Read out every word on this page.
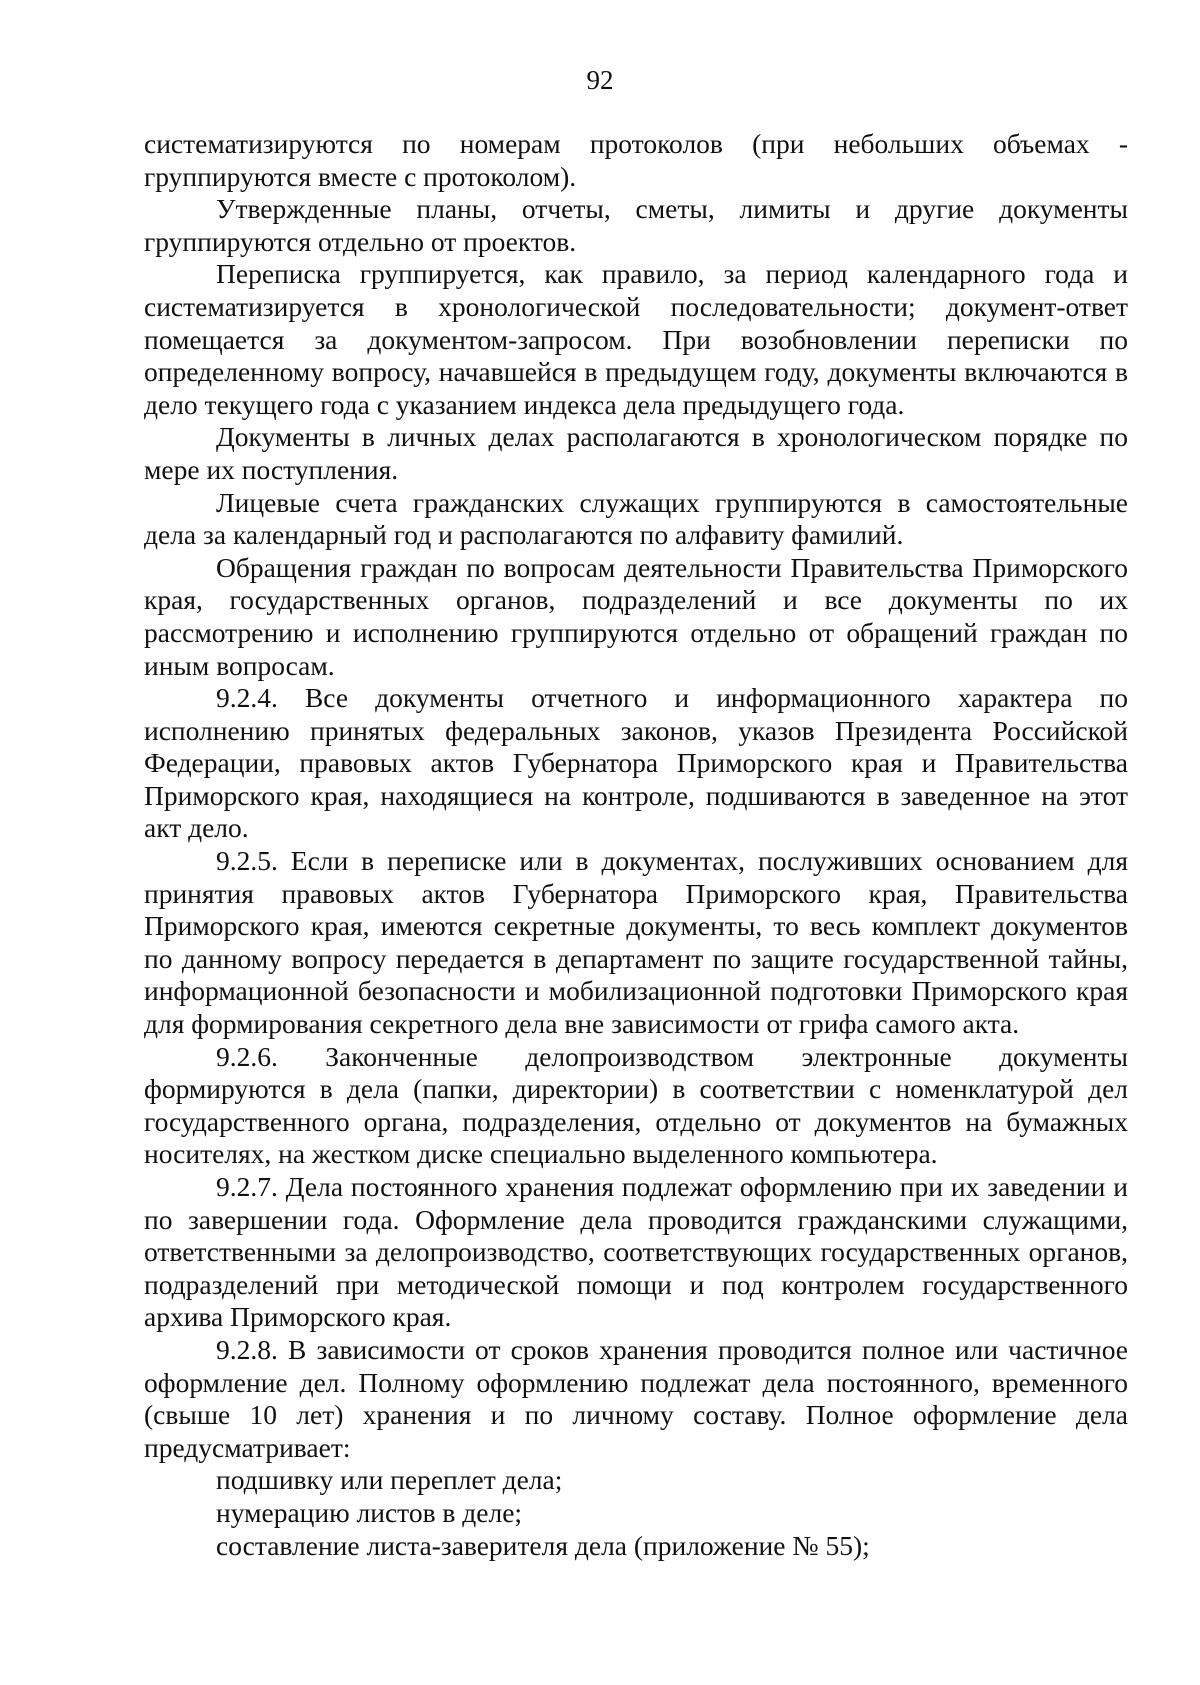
92

систематизируются по номерам протоколов (при небольших объемах - группируются вместе с протоколом).

Утвержденные планы, отчеты, сметы, лимиты и другие документы группируются отдельно от проектов.

Переписка группируется, как правило, за период календарного года и систематизируется в хронологической последовательности; документ-ответ помещается за документом-запросом. При возобновлении переписки по определенному вопросу, начавшейся в предыдущем году, документы включаются в дело текущего года с указанием индекса дела предыдущего года.

Документы в личных делах располагаются в хронологическом порядке по мере их поступления.

Лицевые счета гражданских служащих группируются в самостоятельные дела за календарный год и располагаются по алфавиту фамилий.

Обращения граждан по вопросам деятельности Правительства Приморского края, государственных органов, подразделений и все документы по их рассмотрению и исполнению группируются отдельно от обращений граждан по иным вопросам.

9.2.4. Все документы отчетного и информационного характера по исполнению принятых федеральных законов, указов Президента Российской Федерации, правовых актов Губернатора Приморского края и Правительства Приморского края, находящиеся на контроле, подшиваются в заведенное на этот акт дело.

9.2.5. Если в переписке или в документах, послуживших основанием для принятия правовых актов Губернатора Приморского края, Правительства Приморского края, имеются секретные документы, то весь комплект документов по данному вопросу передается в департамент по защите государственной тайны, информационной безопасности и мобилизационной подготовки Приморского края для формирования секретного дела вне зависимости от грифа самого акта.

9.2.6. Законченные делопроизводством электронные документы формируются в дела (папки, директории) в соответствии с номенклатурой дел государственного органа, подразделения, отдельно от документов на бумажных носителях, на жестком диске специально выделенного компьютера.

9.2.7. Дела постоянного хранения подлежат оформлению при их заведении и по завершении года. Оформление дела проводится гражданскими служащими, ответственными за делопроизводство, соответствующих государственных органов, подразделений при методической помощи и под контролем государственного архива Приморского края.

9.2.8. В зависимости от сроков хранения проводится полное или частичное оформление дел. Полному оформлению подлежат дела постоянного, временного (свыше 10 лет) хранения и по личному составу. Полное оформление дела предусматривает:

подшивку или переплет дела;

нумерацию листов в деле;

составление листа-заверителя дела (приложение № 55);
